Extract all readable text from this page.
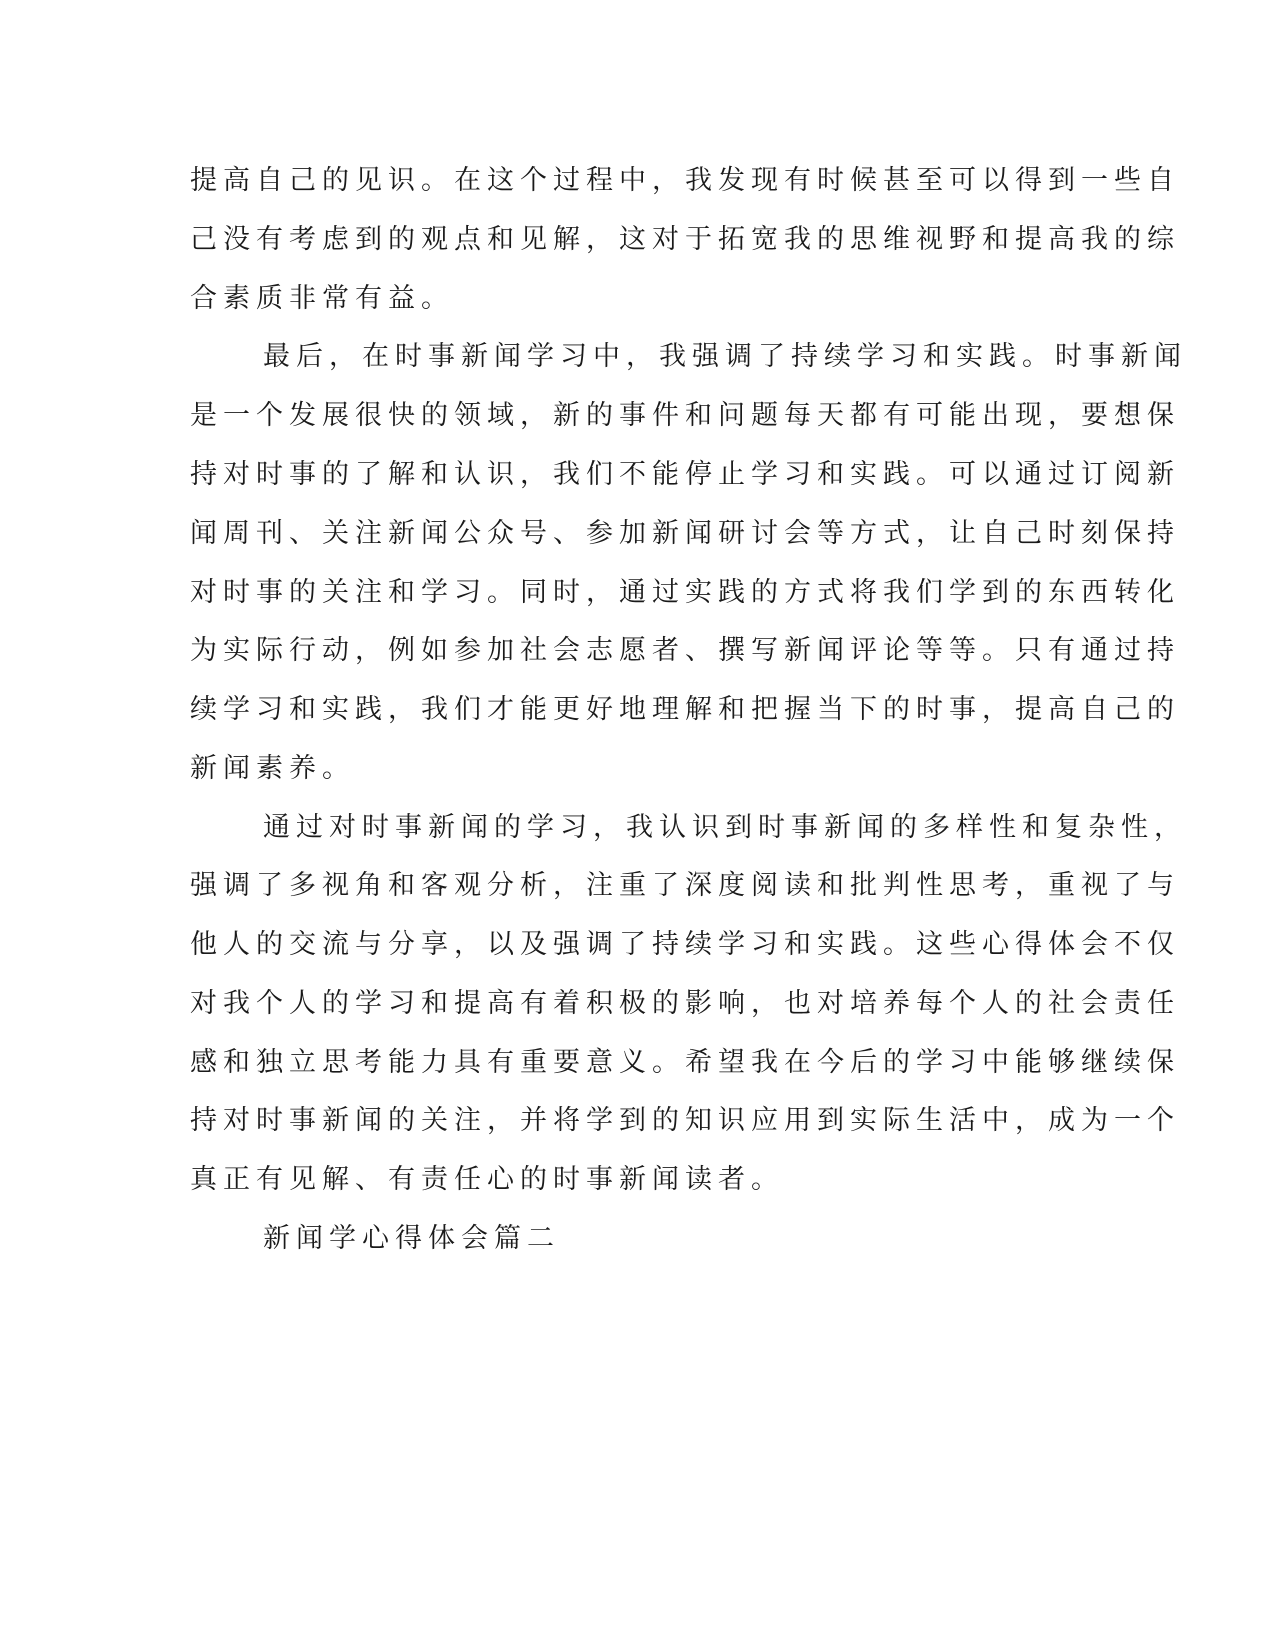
提高自己的见识。在这个过程中，我发现有时候甚至可以得到一些自

己没有考虑到的观点和见解，这对于拓宽我的思维视野和提高我的综

合素质非常有益。

最后，在时事新闻学习中，我强调了持续学习和实践。时事新闻

是一个发展很快的领域，新的事件和问题每天都有可能出现，要想保

持对时事的了解和认识，我们不能停止学习和实践。可以通过订阅新

闻周刊、关注新闻公众号、参加新闻研讨会等方式，让自己时刻保持

对时事的关注和学习。同时，通过实践的方式将我们学到的东西转化

为实际行动，例如参加社会志愿者、撰写新闻评论等等。只有通过持

续学习和实践，我们才能更好地理解和把握当下的时事，提高自己的

新闻素养。

通过对时事新闻的学习，我认识到时事新闻的多样性和复杂性，

强调了多视角和客观分析，注重了深度阅读和批判性思考，重视了与

他人的交流与分享，以及强调了持续学习和实践。这些心得体会不仅

对我个人的学习和提高有着积极的影响，也对培养每个人的社会责任

感和独立思考能力具有重要意义。希望我在今后的学习中能够继续保

持对时事新闻的关注，并将学到的知识应用到实际生活中，成为一个

真正有见解、有责任心的时事新闻读者。

新闻学心得体会篇二
